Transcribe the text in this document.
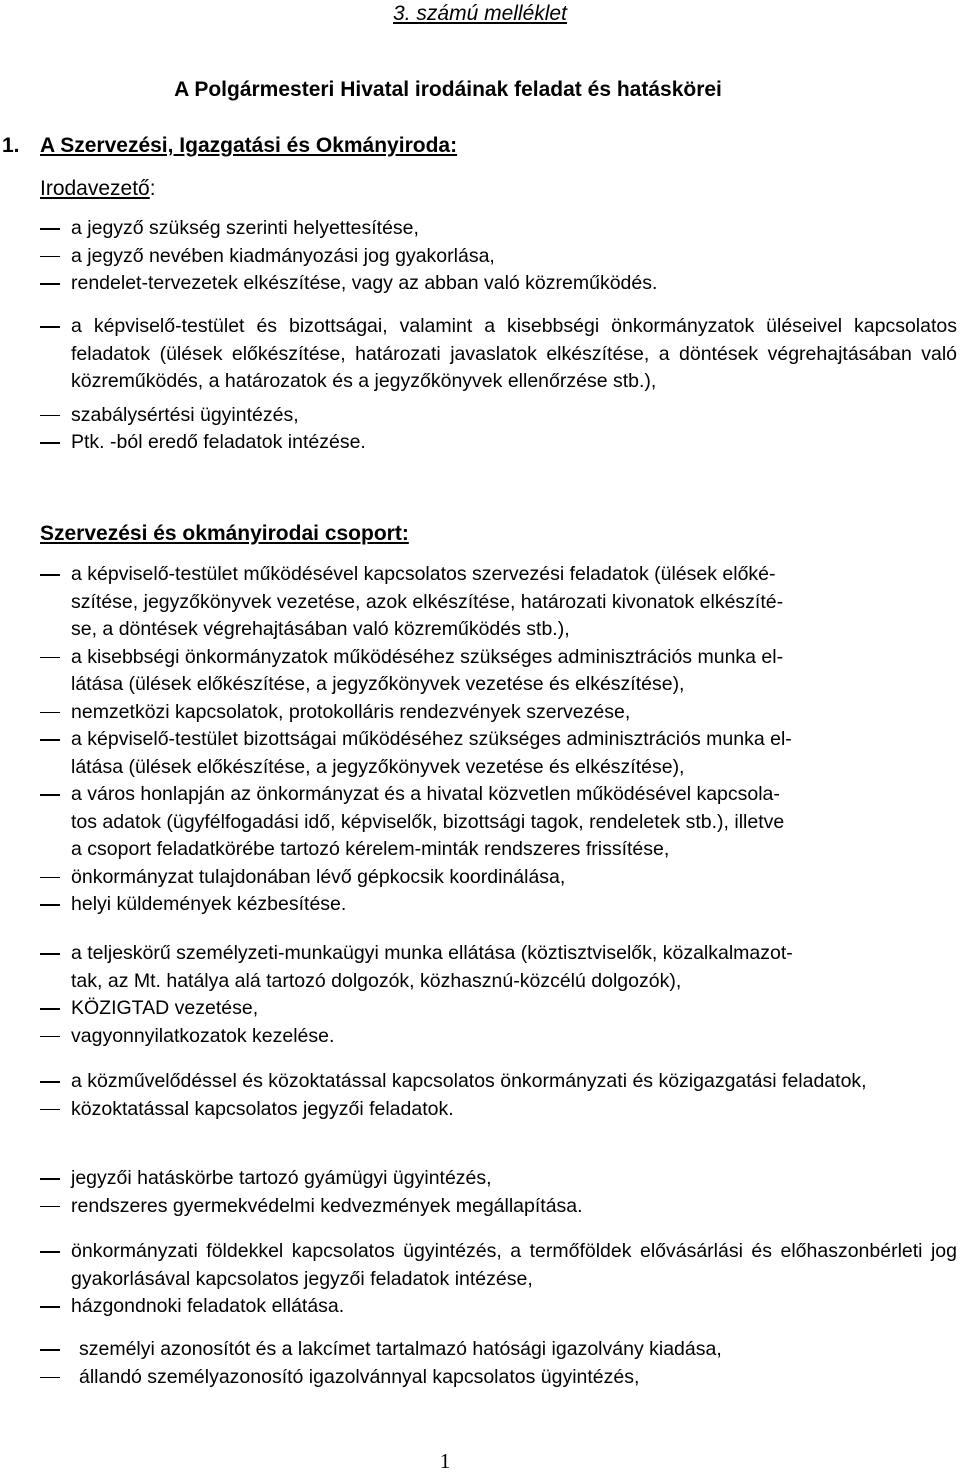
3. számú melléklet
A Polgármesteri Hivatal irodáinak feladat és hatáskörei
1. A Szervezési, Igazgatási és Okmányiroda:
Irodavezető:
a jegyző szükség szerinti helyettesítése,
a jegyző nevében kiadmányozási jog gyakorlása,
rendelet-tervezetek elkészítése, vagy az abban való közreműködés.
a képviselő-testület és bizottságai, valamint a kisebbségi önkormányzatok üléseivel kapcsolatos feladatok (ülések előkészítése, határozati javaslatok elkészítése, a döntések végrehajtásában való közreműködés, a határozatok és a jegyzőkönyvek ellenőrzése stb.),
szabálysértési ügyintézés,
Ptk. -ból eredő feladatok intézése.
Szervezési és okmányirodai csoport:
a képviselő-testület működésével kapcsolatos szervezési feladatok (ülések előké-
szítése, jegyzőkönyvek vezetése, azok elkészítése, határozati kivonatok elkészíté-
se, a döntések végrehajtásában való közreműködés stb.),
a kisebbségi önkormányzatok működéséhez szükséges adminisztrációs munka el-
látása (ülések előkészítése, a jegyzőkönyvek vezetése és elkészítése),
nemzetközi kapcsolatok, protokolláris rendezvények szervezése,
a képviselő-testület bizottságai működéséhez szükséges adminisztrációs munka el-
látása (ülések előkészítése, a jegyzőkönyvek vezetése és elkészítése),
a város honlapján az önkormányzat és a hivatal közvetlen működésével kapcsola-
tos adatok (ügyfélfogadási idő, képviselők, bizottsági tagok, rendeletek stb.), illetve
a csoport feladatkörébe tartozó kérelem-minták rendszeres frissítése,
önkormányzat tulajdonában lévő gépkocsik koordinálása,
helyi küldemények kézbesítése.
a teljeskörű személyzeti-munkaügyi munka ellátása (köztisztviselők, közalkalmazot-
tak, az Mt. hatálya alá tartozó dolgozók, közhasznú-közcélú dolgozók),
KÖZIGTAD vezetése,
vagyonnyilatkozatok kezelése.
a közművelődéssel és közoktatással kapcsolatos önkormányzati és közigazgatási feladatok,
közoktatással kapcsolatos jegyzői feladatok.
jegyzői hatáskörbe tartozó gyámügyi ügyintézés,
rendszeres gyermekvédelmi kedvezmények megállapítása.
önkormányzati földekkel kapcsolatos ügyintézés, a termőföldek elővásárlási és előhaszonbérleti jog gyakorlásával kapcsolatos jegyzői feladatok intézése,
házgondnoki feladatok ellátása.
személyi azonosítót és a lakcímet tartalmazó hatósági igazolvány kiadása,
állandó személyazonosító igazolvánnyal kapcsolatos ügyintézés,
1
